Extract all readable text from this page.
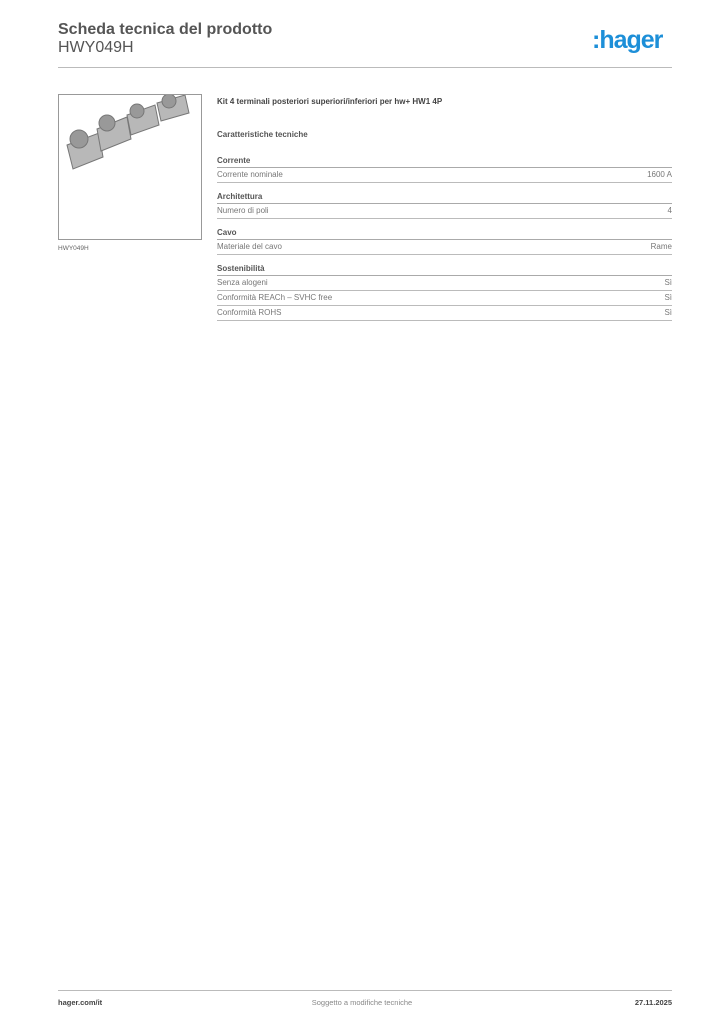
Scheda tecnica del prodotto
HWY049H	:hager
HWY049H
Kit 4 terminali posteriori superiori/inferiori per hw+ HW1 4P
Caratteristiche tecniche
Corrente
Corrente nominale	1600 A
Architettura
Numero di poli	4
Cavo
Materiale del cavo	Rame
Sostenibilità
Senza alogeni	Sì
Conformità REACh – SVHC free	Sì
Conformità ROHS	Sì
hager.com/it	Soggetto a modifiche tecniche	27.11.2025
